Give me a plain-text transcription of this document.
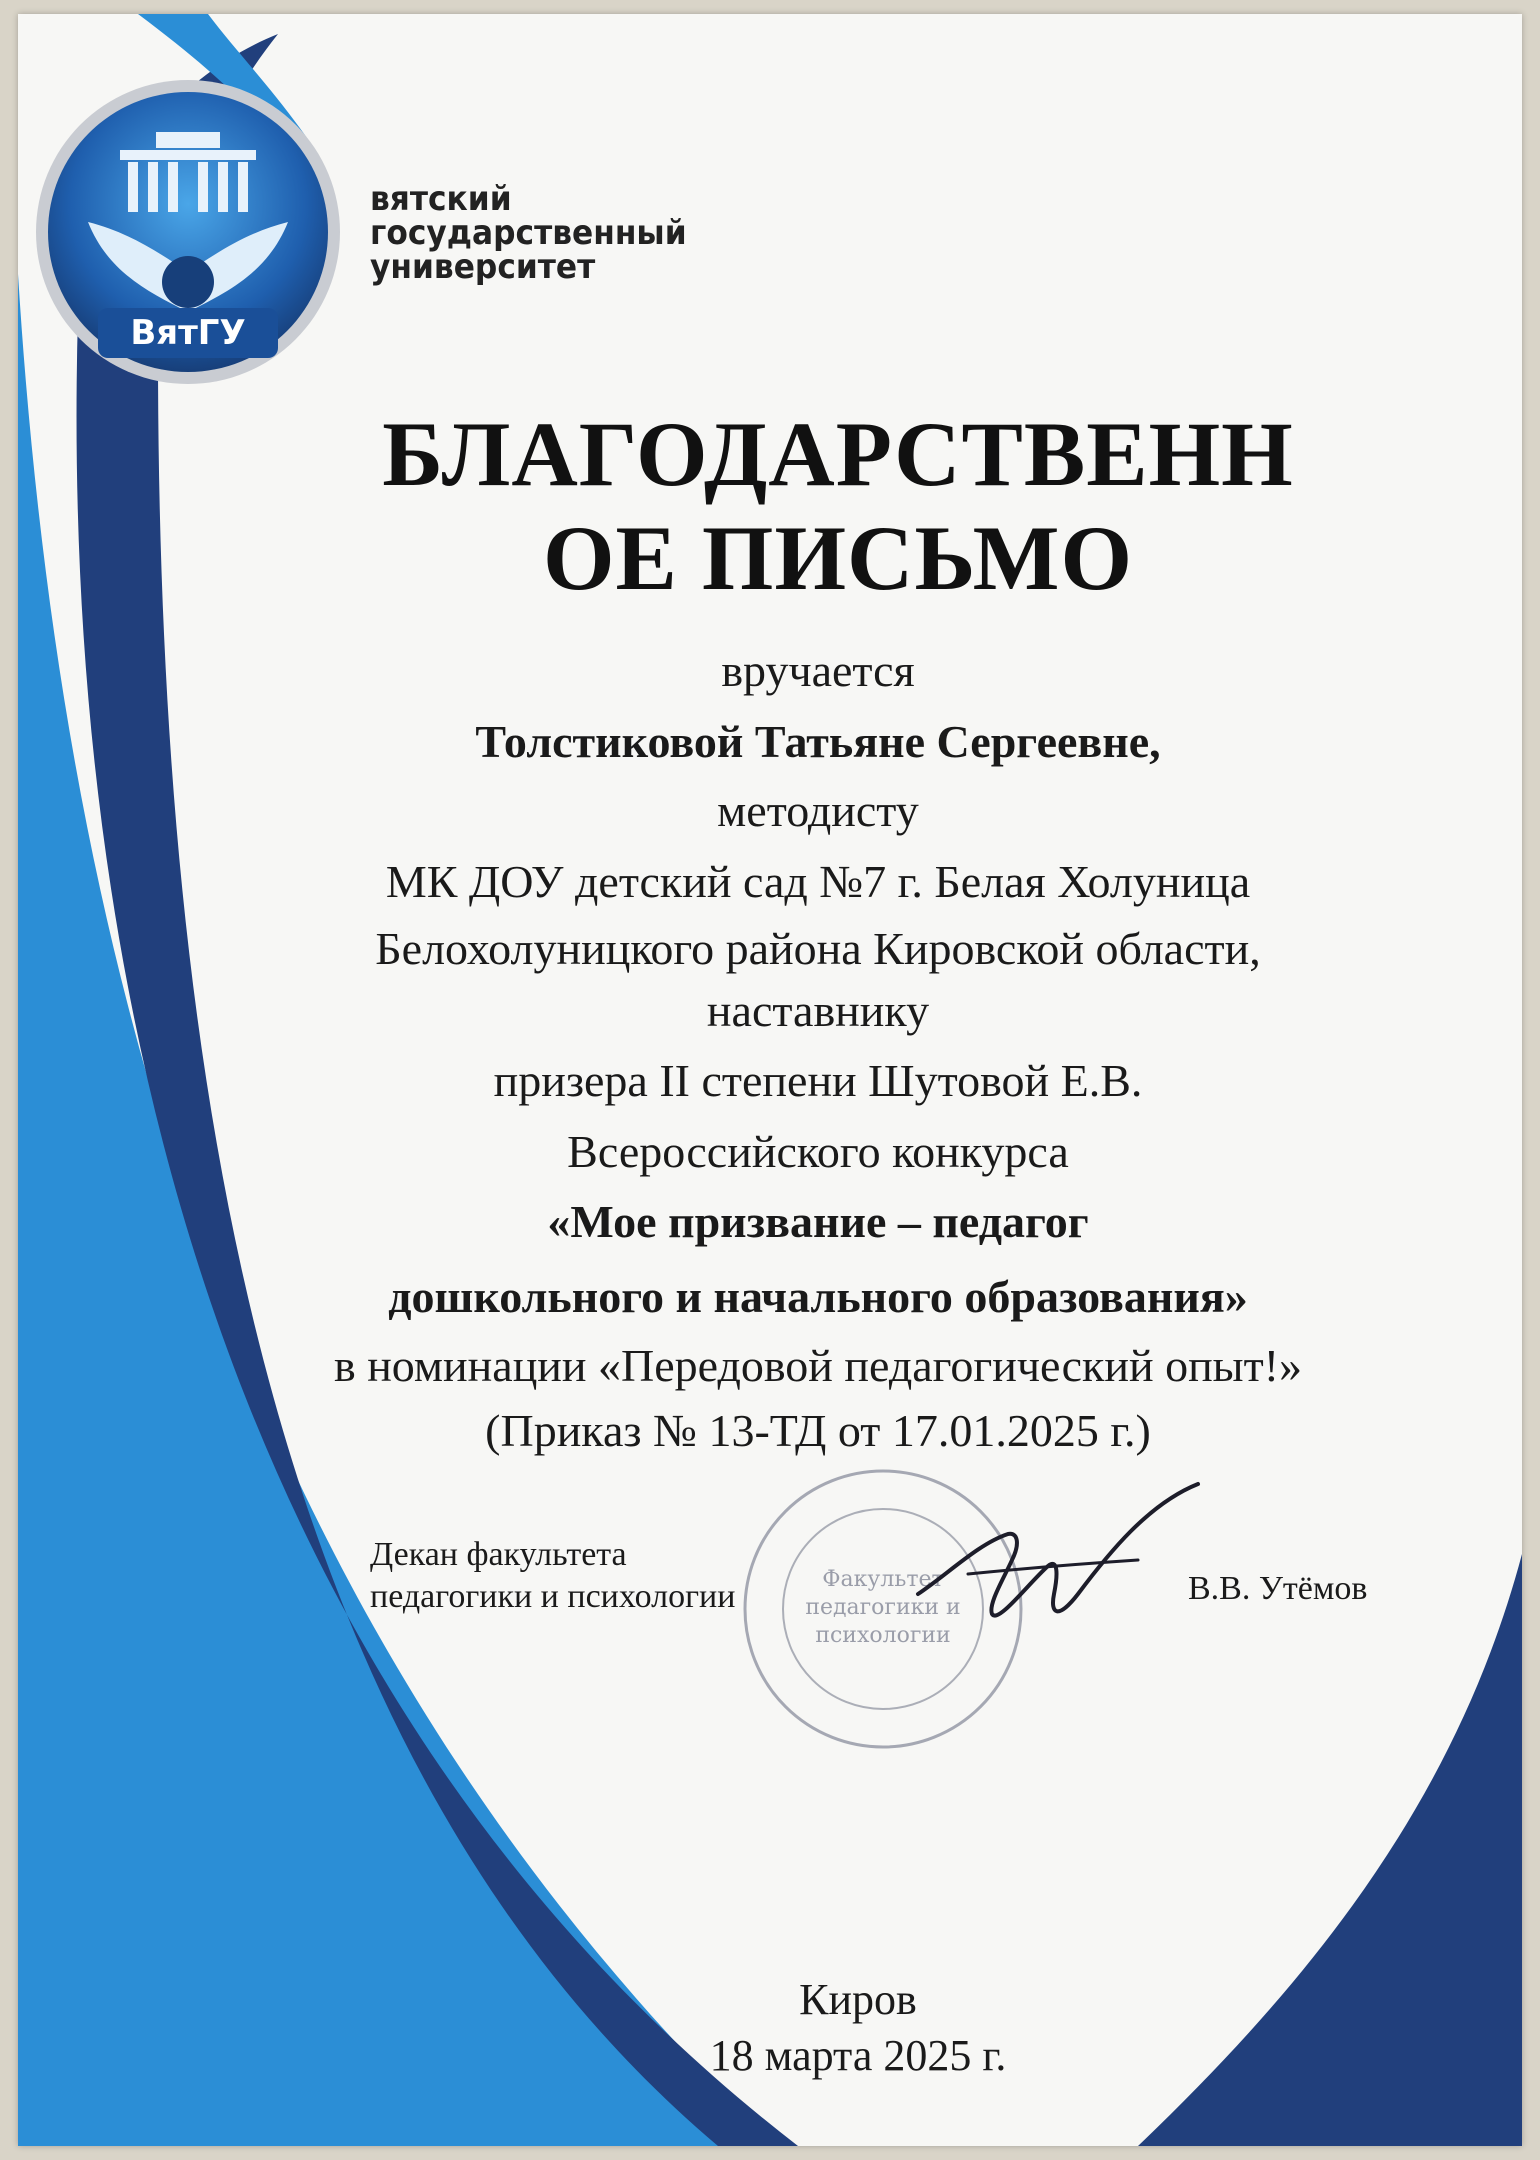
ВятГУ
вятский
государственный
университет
БЛАГОДАРСТВЕНН
ОЕ ПИСЬМО
вручается
Толстиковой Татьяне Сергеевне,
методисту
МК ДОУ детский сад №7 г. Белая Холуница
Белохолуницкого района Кировской области,
наставнику
призера II степени Шутовой Е.В.
Всероссийского конкурса
«Мое призвание – педагог
дошкольного и начального образования»
в номинации «Передовой педагогический опыт!»
(Приказ № 13-ТД от 17.01.2025 г.)
Факультет
педагогики и
психологии
Декан факультета
педагогики и психологии	В.В. Утёмов
Киров
18 марта 2025 г.
